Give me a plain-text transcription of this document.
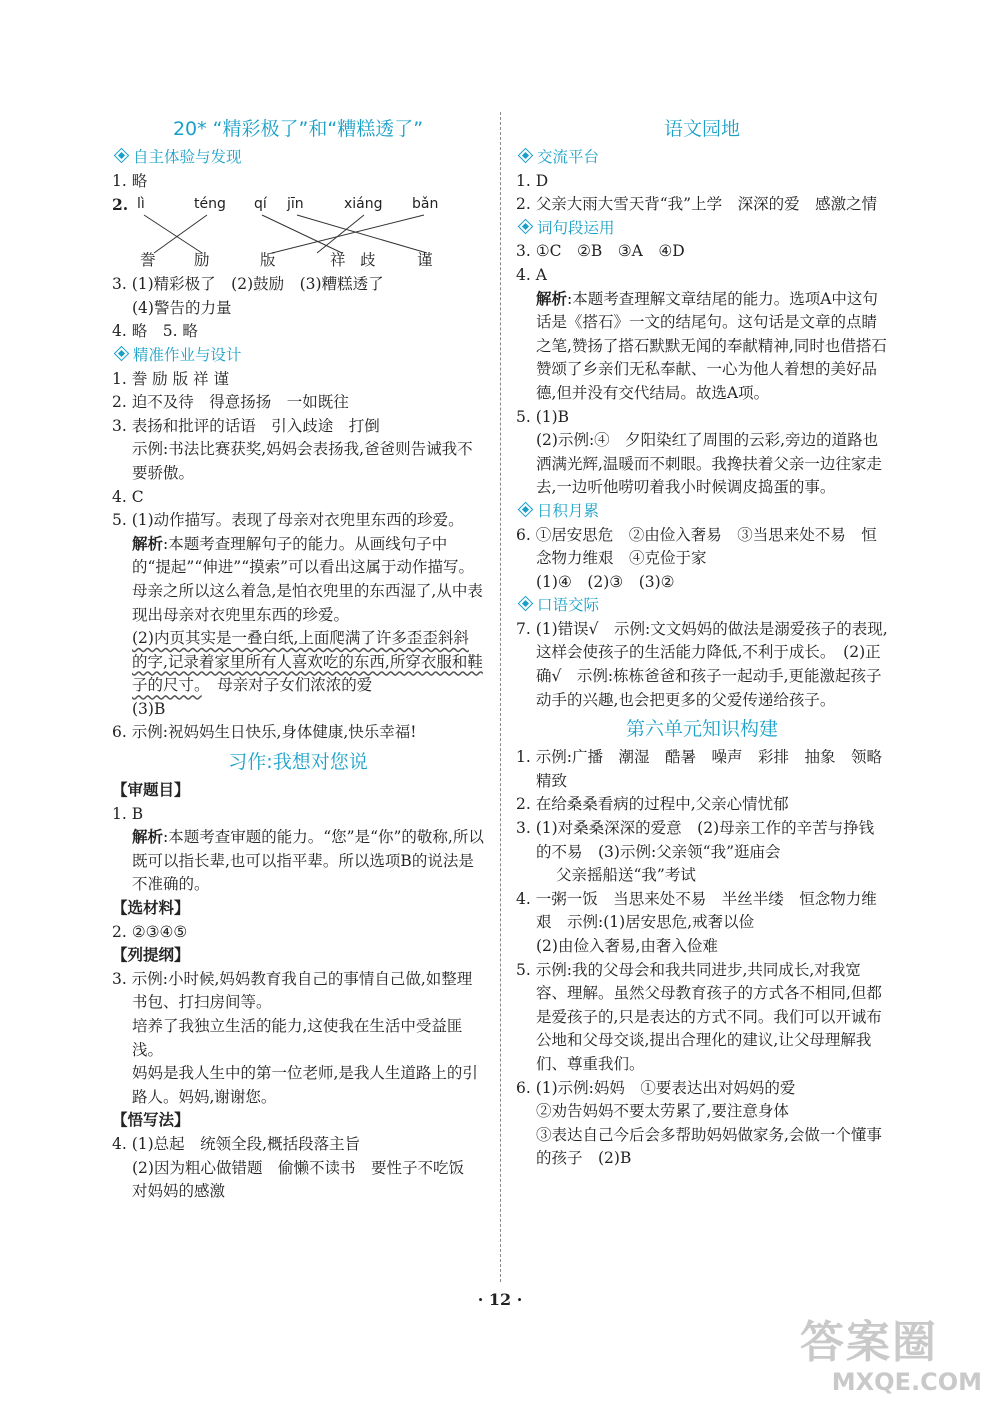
20* “精彩极了”和“糟糕透了”
自主体验与发现
1. 略
2. lì	téng qí jīn	xiáng bǎn
誊 励	版	祥 歧	谨
3. (1)精彩极了　(2)鼓励　(3)糟糕透了
(4)警告的力量
4. 略　5. 略
精准作业与设计
1. 誊 励 版 祥 谨
2. 迫不及待　得意扬扬　一如既往
3. 表扬和批评的话语　引入歧途　打倒
示例:书法比赛获奖,妈妈会表扬我,爸爸则告诫我不要骄傲。
4. C
5. (1)动作描写。表现了母亲对衣兜里东西的珍爱。
解析:本题考查理解句子的能力。从画线句子中的“提起”“伸进”“摸索”可以看出这属于动作描写。母亲之所以这么着急,是怕衣兜里的东西湿了,从中表现出母亲对衣兜里东西的珍爱。
(2)内页其实是一叠白纸,上面爬满了许多歪歪斜斜的字,记录着家里所有人喜欢吃的东西,所穿衣服和鞋子的尺寸。　母亲对子女们浓浓的爱
(3)B
6. 示例:祝妈妈生日快乐,身体健康,快乐幸福!
习作:我想对您说
【审题目】
1. B
解析:本题考查审题的能力。“您”是“你”的敬称,所以既可以指长辈,也可以指平辈。所以选项B的说法是不准确的。
【选材料】
2. ②③④⑤
【列提纲】
3. 示例:小时候,妈妈教育我自己的事情自己做,如整理书包、打扫房间等。
培养了我独立生活的能力,这使我在生活中受益匪浅。
妈妈是我人生中的第一位老师,是我人生道路上的引路人。妈妈,谢谢您。
【悟写法】
4. (1)总起　统领全段,概括段落主旨
(2)因为粗心做错题　偷懒不读书　要性子不吃饭　对妈妈的感激
语文园地
交流平台
1. D
2. 父亲大雨大雪天背“我”上学　深深的爱　感激之情
词句段运用
3. ①C　②B　③A　④D
4. A
解析:本题考查理解文章结尾的能力。选项A中这句话是《搭石》一文的结尾句。这句话是文章的点睛之笔,赞扬了搭石默默无闻的奉献精神,同时也借搭石赞颂了乡亲们无私奉献、一心为他人着想的美好品德,但并没有交代结局。故选A项。
5. (1)B
(2)示例:④　夕阳染红了周围的云彩,旁边的道路也洒满光辉,温暖而不刺眼。我搀扶着父亲一边往家走去,一边听他唠叨着我小时候调皮捣蛋的事。
日积月累
6. ①居安思危　②由俭入奢易　③当思来处不易　恒念物力维艰　④克俭于家
(1)④　(2)③　(3)②
口语交际
7. (1)错误√　示例:文文妈妈的做法是溺爱孩子的表现,这样会使孩子的生活能力降低,不利于成长。　(2)正确√　示例:栋栋爸爸和孩子一起动手,更能激起孩子动手的兴趣,也会把更多的父爱传递给孩子。
第六单元知识构建
1. 示例:广播　潮湿　酷暑　噪声　彩排　抽象　领略　精致
2. 在给桑桑看病的过程中,父亲心情忧郁
3. (1)对桑桑深深的爱意　(2)母亲工作的辛苦与挣钱的不易　(3)示例:父亲领“我”逛庙会
父亲摇船送“我”考试
4. 一粥一饭　当思来处不易　半丝半缕　恒念物力维艰　示例:(1)居安思危,戒奢以俭
(2)由俭入奢易,由奢入俭难
5. 示例:我的父母会和我共同进步,共同成长,对我宽容、理解。虽然父母教育孩子的方式各不相同,但都是爱孩子的,只是表达的方式不同。我们可以开诚布公地和父母交谈,提出合理化的建议,让父母理解我们、尊重我们。
6. (1)示例:妈妈　①要表达出对妈妈的爱
②劝告妈妈不要太劳累了,要注意身体
③表达自己今后会多帮助妈妈做家务,会做一个懂事的孩子　(2)B
· 12 ·
答案圈
MXQE.COM
